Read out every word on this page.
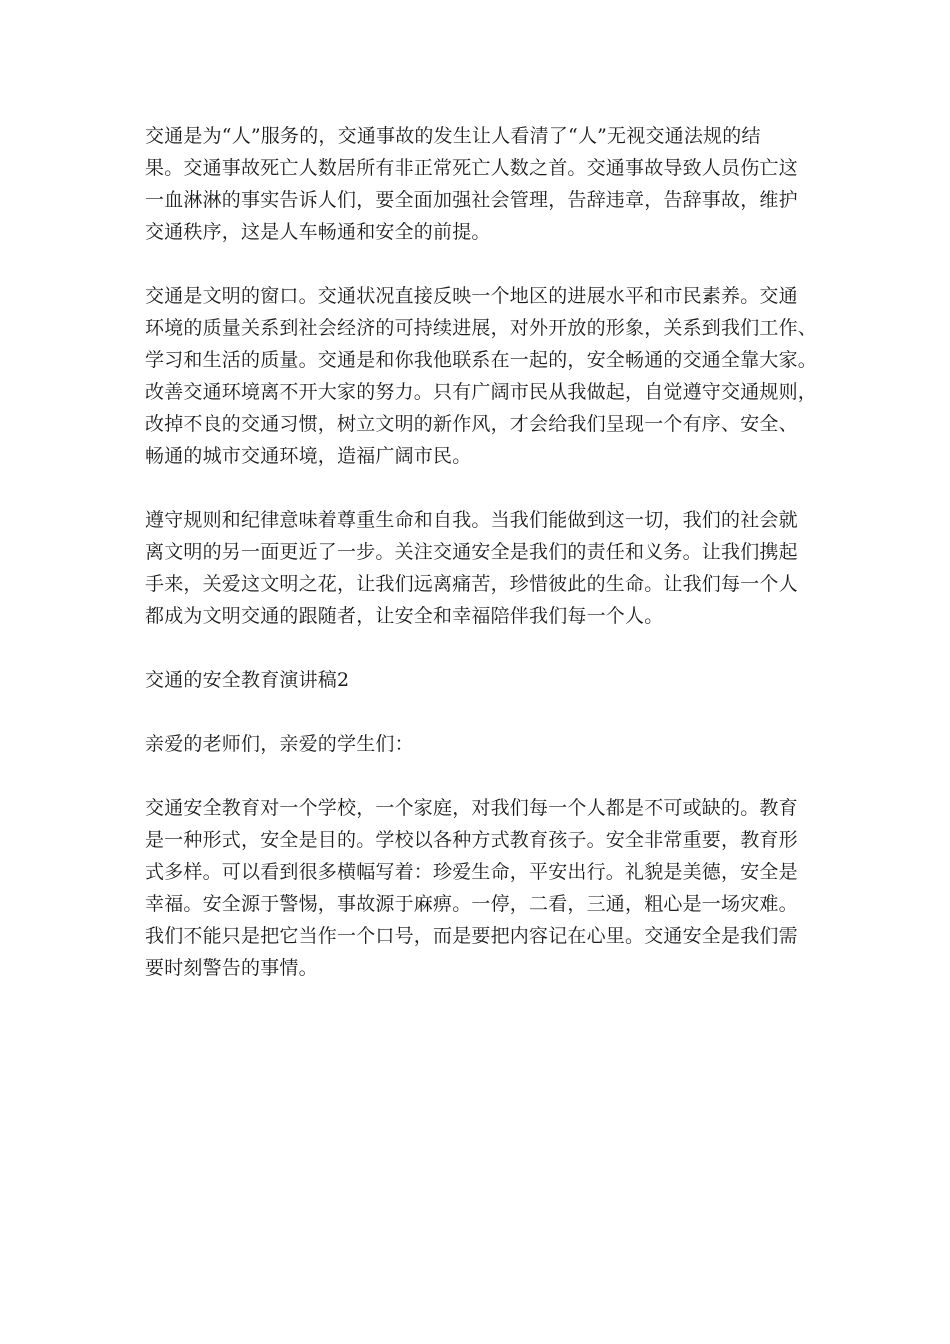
交通是为“人”服务的，交通事故的发生让人看清了“人”无视交通法规的结
果。交通事故死亡人数居所有非正常死亡人数之首。交通事故导致人员伤亡这
一血淋淋的事实告诉人们，要全面加强社会管理，告辞违章，告辞事故，维护
交通秩序，这是人车畅通和安全的前提。
交通是文明的窗口。交通状况直接反映一个地区的进展水平和市民素养。交通
环境的质量关系到社会经济的可持续进展，对外开放的形象，关系到我们工作、
学习和生活的质量。交通是和你我他联系在一起的，安全畅通的交通全靠大家。
改善交通环境离不开大家的努力。只有广阔市民从我做起，自觉遵守交通规则，
改掉不良的交通习惯，树立文明的新作风，才会给我们呈现一个有序、安全、
畅通的城市交通环境，造福广阔市民。
遵守规则和纪律意味着尊重生命和自我。当我们能做到这一切，我们的社会就
离文明的另一面更近了一步。关注交通安全是我们的责任和义务。让我们携起
手来，关爱这文明之花，让我们远离痛苦，珍惜彼此的生命。让我们每一个人
都成为文明交通的跟随者，让安全和幸福陪伴我们每一个人。
交通的安全教育演讲稿2
亲爱的老师们，亲爱的学生们：
交通安全教育对一个学校，一个家庭，对我们每一个人都是不可或缺的。教育
是一种形式，安全是目的。学校以各种方式教育孩子。安全非常重要，教育形
式多样。可以看到很多横幅写着：珍爱生命，平安出行。礼貌是美德，安全是
幸福。安全源于警惕，事故源于麻痹。一停，二看，三通，粗心是一场灾难。
我们不能只是把它当作一个口号，而是要把内容记在心里。交通安全是我们需
要时刻警告的事情。
